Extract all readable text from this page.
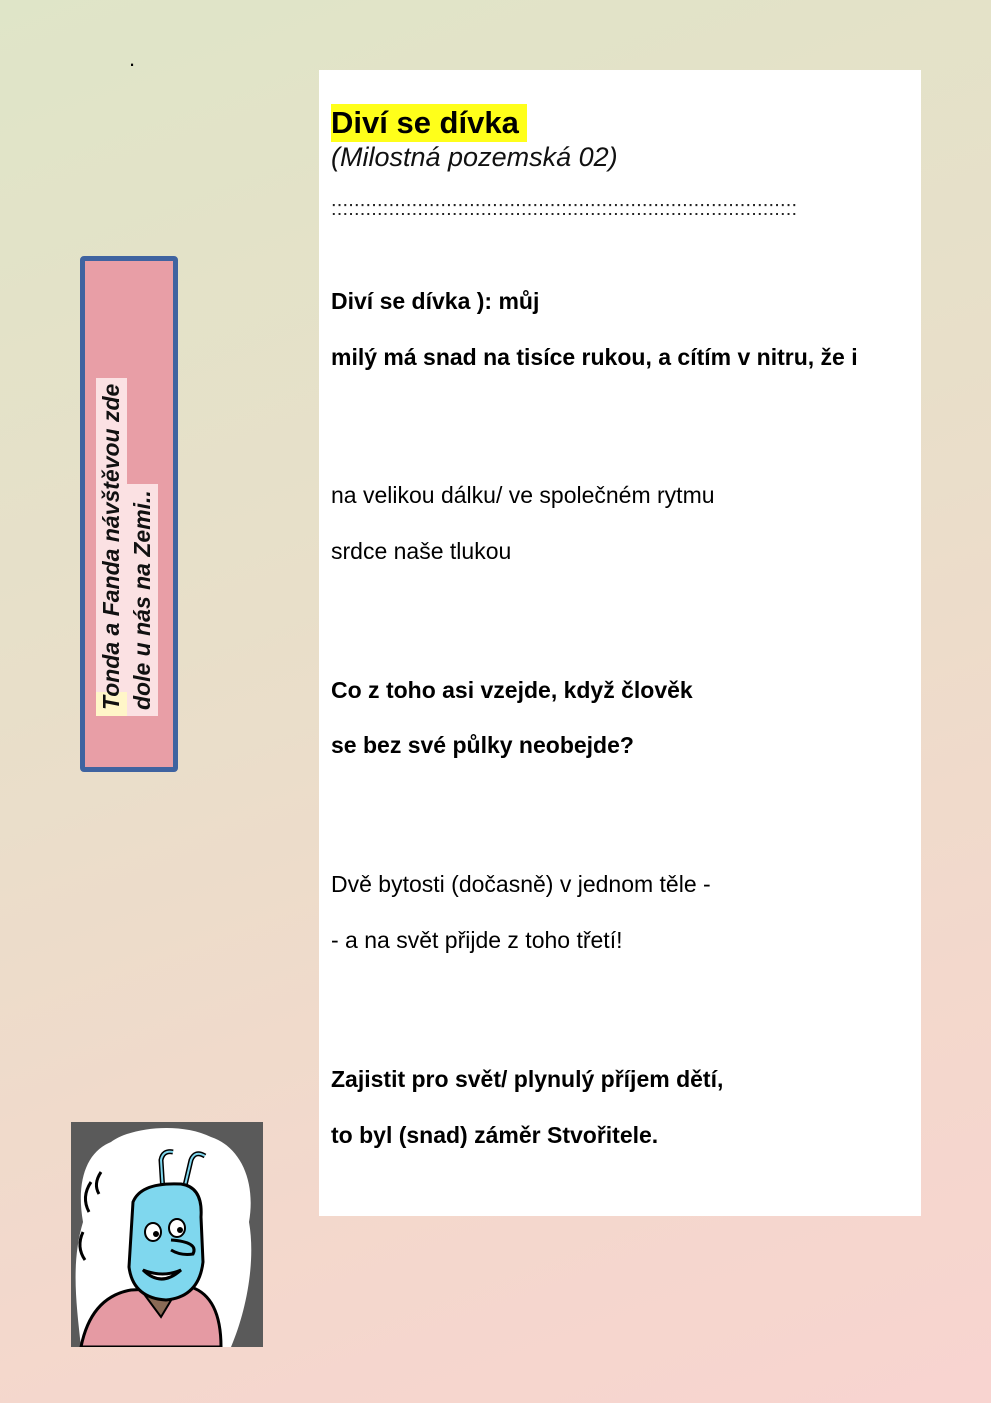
.
Tonda a Fanda návštěvou zde dole u nás na Zemi..
Diví se dívka
(Milostná pozemská 02)
:::::::::::::::::::::::::::::::::::::::::::::::::::::::::::::::::::::::::::::::::
Diví se dívka ): můj
milý má snad na tisíce rukou, a cítím v nitru, že i
na velikou dálku/ ve společném rytmu
srdce naše tlukou
Co z toho asi vzejde, když člověk
se bez své půlky neobejde?
Dvě bytosti (dočasně) v jednom těle -
- a na svět přijde z toho třetí!
Zajistit pro svět/ plynulý příjem dětí,
to byl (snad) záměr Stvořitele.
